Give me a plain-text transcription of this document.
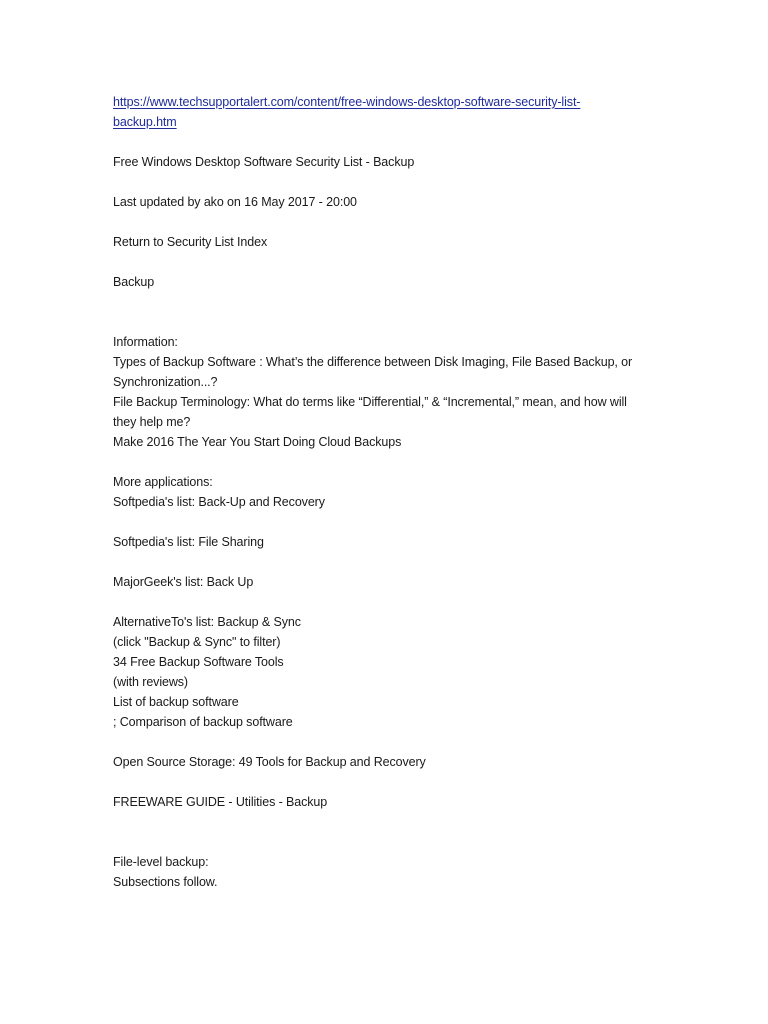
https://www.techsupportalert.com/content/free-windows-desktop-software-security-list-
backup.htm
Free Windows Desktop Software Security List - Backup
Last updated by ako on 16 May 2017 - 20:00
Return to Security List Index
Backup
Information:
Types of Backup Software : What’s the difference between Disk Imaging, File Based Backup, or
Synchronization...?
File Backup Terminology: What do terms like “Differential,” & “Incremental,” mean, and how will
they help me?
Make 2016 The Year You Start Doing Cloud Backups
More applications:
Softpedia's list: Back-Up and Recovery
Softpedia's list: File Sharing
MajorGeek's list: Back Up
AlternativeTo's list: Backup & Sync
(click "Backup & Sync" to filter)
34 Free Backup Software Tools
(with reviews)
List of backup software
; Comparison of backup software
Open Source Storage: 49 Tools for Backup and Recovery
FREEWARE GUIDE - Utilities - Backup
File-level backup:
Subsections follow.
